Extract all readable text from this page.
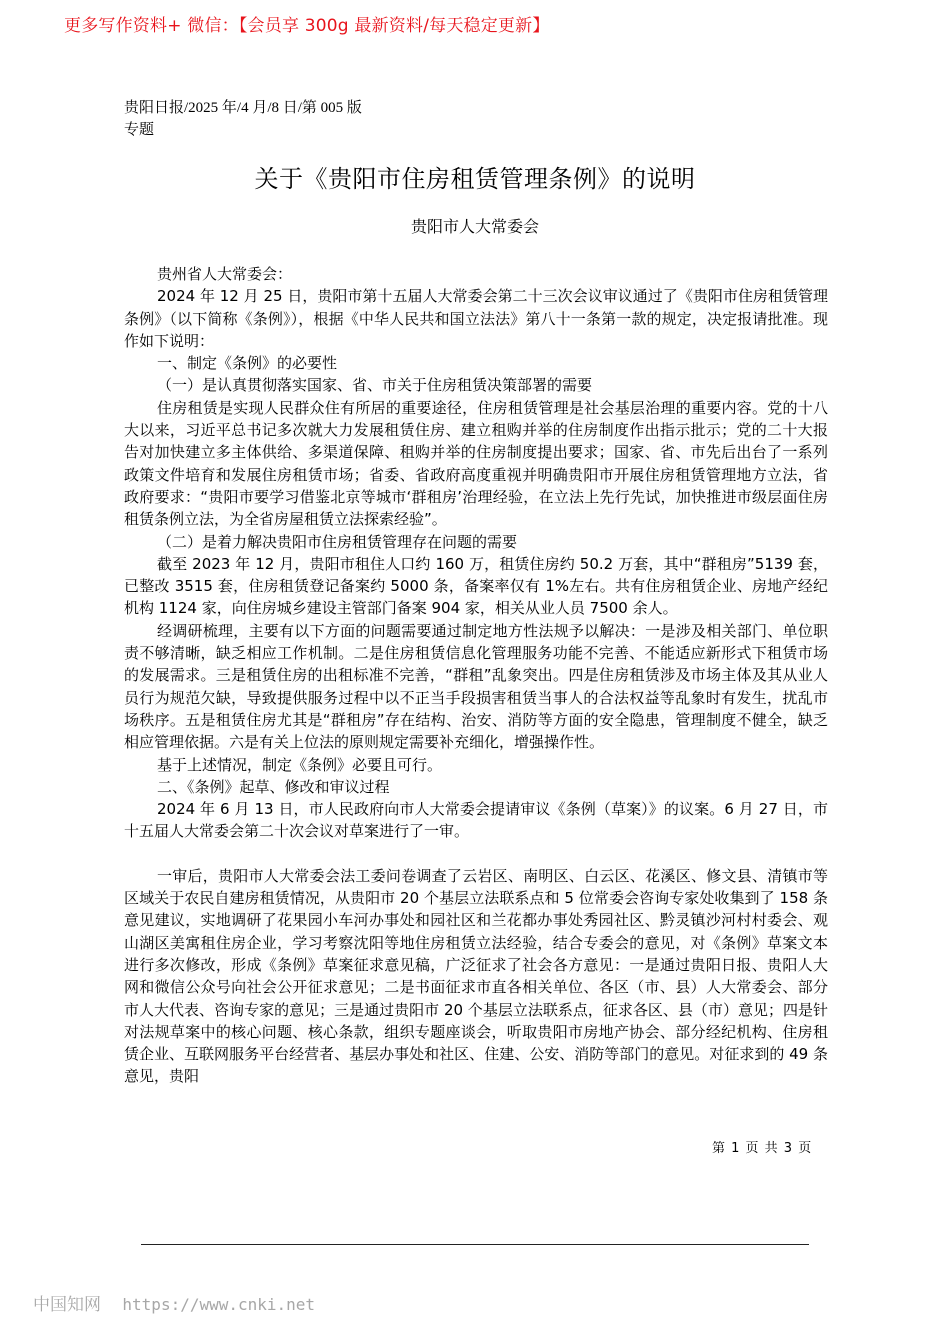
更多写作资料+ 微信：【会员享 300g 最新资料/每天稳定更新】
贵阳日报/2025 年/4 月/8 日/第 005 版专题
关于《贵阳市住房租赁管理条例》的说明
贵阳市人大常委会

贵州省人大常委会：

2024 年 12 月 25 日，贵阳市第十五届人大常委会第二十三次会议审议通过了《贵阳市住房租赁管理条例》（以下简称《条例》），根据《中华人民共和国立法法》第八十一条第一款的规定，决定报请批准。现作如下说明：

一、制定《条例》的必要性

（一）是认真贯彻落实国家、省、市关于住房租赁决策部署的需要

住房租赁是实现人民群众住有所居的重要途径，住房租赁管理是社会基层治理的重要内容。党的十八大以来，习近平总书记多次就大力发展租赁住房、建立租购并举的住房制度作出指示批示；党的二十大报告对加快建立多主体供给、多渠道保障、租购并举的住房制度提出要求；国家、省、市先后出台了一系列政策文件培育和发展住房租赁市场；省委、省政府高度重视并明确贵阳市开展住房租赁管理地方立法，省政府要求：“贵阳市要学习借鉴北京等城市‘群租房’治理经验，在立法上先行先试，加快推进市级层面住房租赁条例立法，为全省房屋租赁立法探索经验”。

（二）是着力解决贵阳市住房租赁管理存在问题的需要

截至 2023 年 12 月，贵阳市租住人口约 160 万，租赁住房约 50.2 万套，其中“群租房”5139 套，已整改 3515 套，住房租赁登记备案约 5000 条，备案率仅有 1%左右。共有住房租赁企业、房地产经纪机构 1124 家，向住房城乡建设主管部门备案 904 家，相关从业人员 7500 余人。

经调研梳理，主要有以下方面的问题需要通过制定地方性法规予以解决：一是涉及相关部门、单位职责不够清晰，缺乏相应工作机制。二是住房租赁信息化管理服务功能不完善、不能适应新形式下租赁市场的发展需求。三是租赁住房的出租标准不完善，“群租”乱象突出。四是住房租赁涉及市场主体及其从业人员行为规范欠缺，导致提供服务过程中以不正当手段损害租赁当事人的合法权益等乱象时有发生，扰乱市场秩序。五是租赁住房尤其是“群租房”存在结构、治安、消防等方面的安全隐患，管理制度不健全，缺乏相应管理依据。六是有关上位法的原则规定需要补充细化，增强操作性。

基于上述情况，制定《条例》必要且可行。

二、《条例》起草、修改和审议过程

2024 年 6 月 13 日，市人民政府向市人大常委会提请审议《条例（草案）》的议案。6 月 27 日，市十五届人大常委会第二十次会议对草案进行了一审。

一审后，贵阳市人大常委会法工委问卷调查了云岩区、南明区、白云区、花溪区、修文县、清镇市等区域关于农民自建房租赁情况，从贵阳市 20 个基层立法联系点和 5 位常委会咨询专家处收集到了 158 条意见建议，实地调研了花果园小车河办事处和园社区和兰花都办事处秀园社区、黔灵镇沙河村村委会、观山湖区美寓租住房企业，学习考察沈阳等地住房租赁立法经验，结合专委会的意见，对《条例》草案文本进行多次修改，形成《条例》草案征求意见稿，广泛征求了社会各方意见：一是通过贵阳日报、贵阳人大网和微信公众号向社会公开征求意见；二是书面征求市直各相关单位、各区（市、县）人大常委会、部分市人大代表、咨询专家的意见；三是通过贵阳市 20 个基层立法联系点，征求各区、县（市）意见；四是针对法规草案中的核心问题、核心条款，组织专题座谈会，听取贵阳市房地产协会、部分经纪机构、住房租赁企业、互联网服务平台经营者、基层办事处和社区、住建、公安、消防等部门的意见。对征求到的 49 条意见，贵阳

第 1 页 共 3 页
中国知网 https://www.cnki.net
